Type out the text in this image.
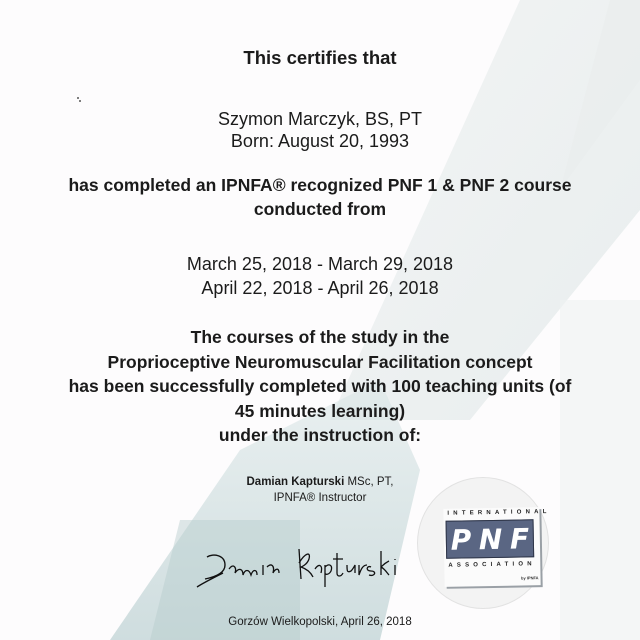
This certifies that
Szymon Marczyk, BS, PT
Born: August 20, 1993
has completed an IPNFA® recognized PNF 1 & PNF 2 course
conducted from
March 25, 2018 - March 29, 2018
April 22, 2018 - April 26, 2018
The courses of the study in the
Proprioceptive Neuromuscular Facilitation concept
has been successfully completed with 100 teaching units (of
45 minutes learning)
under the instruction of:
Damian Kapturski MSc, PT,
IPNFA® Instructor
Gorzów Wielkopolski, April 26, 2018
INTERNATIONAL
P N F
ASSOCIATION
by IPNFA
